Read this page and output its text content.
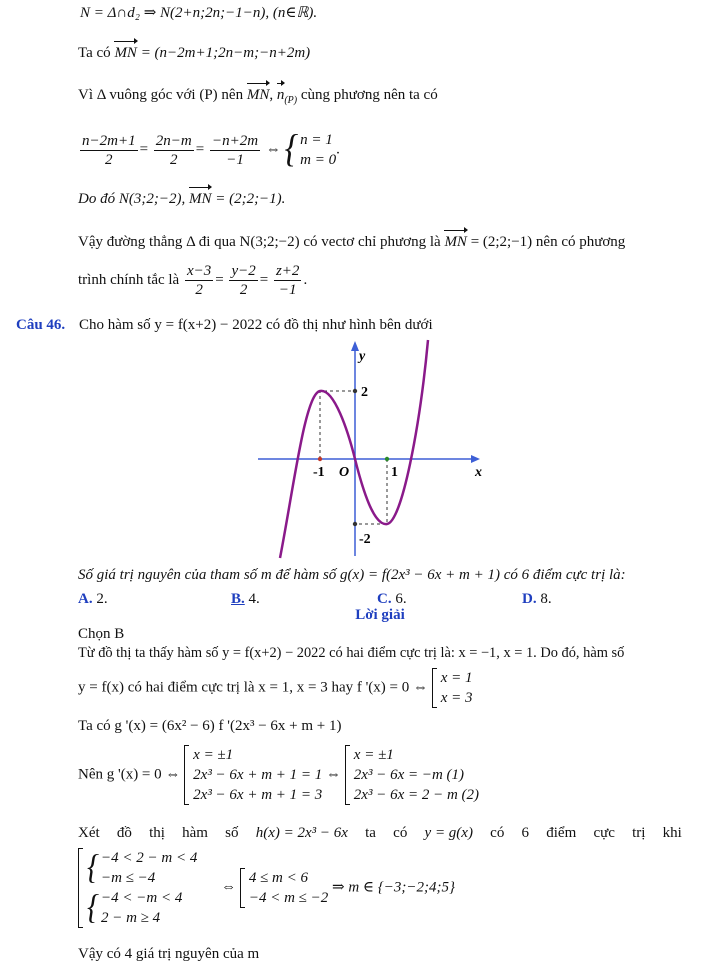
N = Δ∩d₂ ⇒ N(2+n;2n;−1−n), (n∈ℝ).
Ta có MN = (n−2m+1;2n−m;−n+2m)
Vì Δ vuông góc với (P) nên MN, $n_{(P)}$ cùng phương nên ta có
$\frac{n-2m+1}{2} = \frac{2n-m}{2} = \frac{-n+2m}{-1}$ ⇔ { n = 1
m = 0
.
Do đó N(3;2;−2), MN = (2;2;−1).
Vậy đường thẳng Δ đi qua N(3;2;−2) có vectơ chỉ phương là MN = (2;2;−1) nên có phương
trình chính tắc là $\frac{x-3}{2} = \frac{y-2}{2} = \frac{z+2}{-1}$ .
Câu 46. Cho hàm số y = f(x+2) − 2022 có đồ thị như hình bên dưới
y
x
O
2
-1	1
-2
Số giá trị nguyên của tham số m để hàm số g(x) = f(2x³ − 6x + m + 1) có 6 điểm cực trị là:
A. 2.	B. 4.	C. 6.	D. 8.
Lời giải
Chọn B
Từ đồ thị ta thấy hàm số y = f(x+2) − 2022 có hai điểm cực trị là: x = −1, x = 1. Do đó, hàm số
y = f(x) có hai điểm cực trị là x = 1, x = 3 hay f '(x) = 0 ⇔
x = 1
x = 3
Ta có g '(x) = (6x² − 6) f '(2x³ − 6x + m + 1)
Nên g '(x) = 0 ⇔
x = ±1
2x³ − 6x + m + 1 = 1
2x³ − 6x + m + 1 = 3
⇔
x = ±1
2x³ − 6x = −m (1)
2x³ − 6x = 2 − m (2)
Xét đồ thị hàm số h(x) = 2x³ − 6x ta có y = g(x) có 6 điểm cực trị khi
{ −4 < 2 − m < 4
−m ≤ −4
{ −4 < −m < 4
2 − m ≥ 4
⇔
4 ≤ m < 6
−4 < m ≤ −2
⇒ m ∈ {−3;−2;4;5}
Vậy có 4 giá trị nguyên của m
